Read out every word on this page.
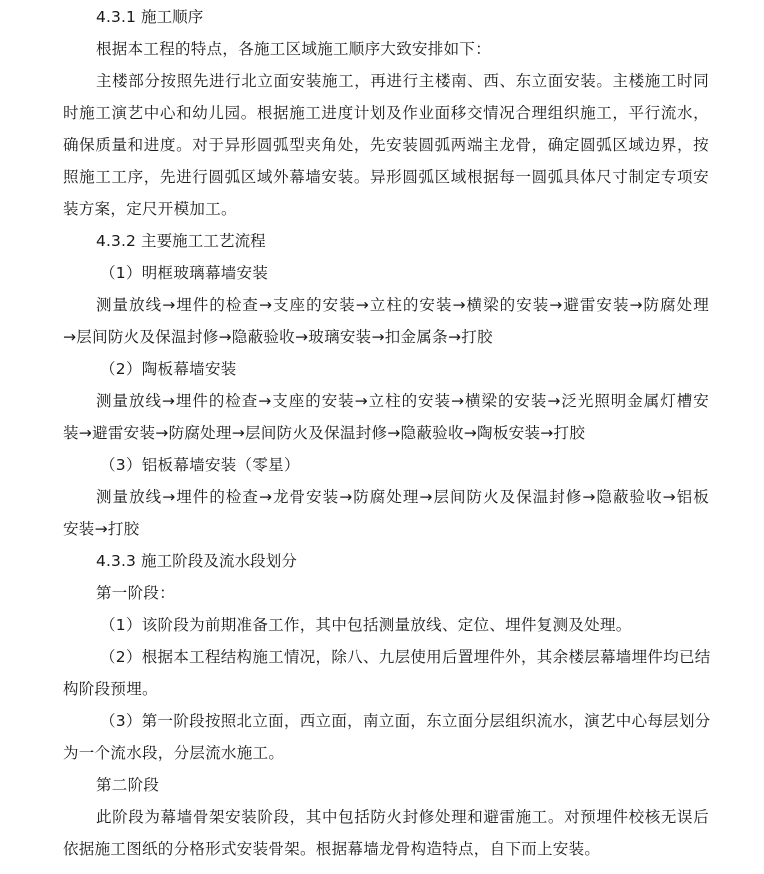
4.3.1 施工顺序

根据本工程的特点，各施工区域施工顺序大致安排如下：

主楼部分按照先进行北立面安装施工，再进行主楼南、西、东立面安装。主楼施工时同

时施工演艺中心和幼儿园。根据施工进度计划及作业面移交情况合理组织施工，平行流水，

确保质量和进度。对于异形圆弧型夹角处，先安装圆弧两端主龙骨，确定圆弧区域边界，按

照施工工序，先进行圆弧区域外幕墙安装。异形圆弧区域根据每一圆弧具体尺寸制定专项安

装方案，定尺开模加工。

4.3.2 主要施工工艺流程

（1）明框玻璃幕墙安装

测量放线→埋件的检查→支座的安装→立柱的安装→横梁的安装→避雷安装→防腐处理

→层间防火及保温封修→隐蔽验收→玻璃安装→扣金属条→打胶

（2）陶板幕墙安装

测量放线→埋件的检查→支座的安装→立柱的安装→横梁的安装→泛光照明金属灯槽安

装→避雷安装→防腐处理→层间防火及保温封修→隐蔽验收→陶板安装→打胶

（3）铝板幕墙安装（零星）

测量放线→埋件的检查→龙骨安装→防腐处理→层间防火及保温封修→隐蔽验收→铝板

安装→打胶

4.3.3 施工阶段及流水段划分

第一阶段：

（1）该阶段为前期准备工作，其中包括测量放线、定位、埋件复测及处理。

（2）根据本工程结构施工情况，除八、九层使用后置埋件外，其余楼层幕墙埋件均已结

构阶段预埋。

（3）第一阶段按照北立面，西立面，南立面，东立面分层组织流水，演艺中心每层划分

为一个流水段，分层流水施工。

第二阶段

此阶段为幕墙骨架安装阶段，其中包括防火封修处理和避雷施工。对预埋件校核无误后

依据施工图纸的分格形式安装骨架。根据幕墙龙骨构造特点，自下而上安装。
